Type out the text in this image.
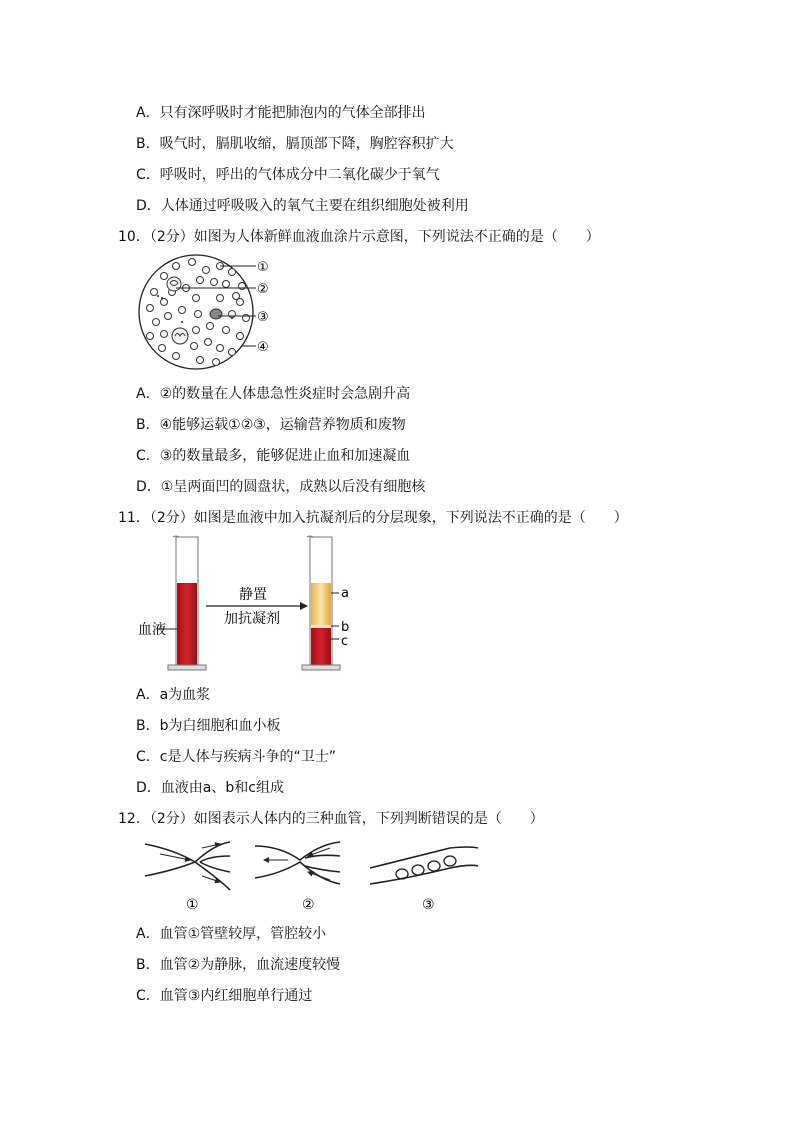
A．只有深呼吸时才能把肺泡内的气体全部排出
B．吸气时，膈肌收缩，膈顶部下降，胸腔容积扩大
C．呼吸时，呼出的气体成分中二氧化碳少于氧气
D．人体通过呼吸吸入的氧气主要在组织细胞处被利用
10．（2分）如图为人体新鲜血液血涂片示意图，下列说法不正确的是（　　）
①
②
③
④
A．②的数量在人体患急性炎症时会急剧升高
B．④能够运载①②③，运输营养物质和废物
C．③的数量最多，能够促进止血和加速凝血
D．①呈两面凹的圆盘状，成熟以后没有细胞核
11．（2分）如图是血液中加入抗凝剂后的分层现象，下列说法不正确的是（　　）
血液
静置
加抗凝剂
a
b
c
A．a为血浆
B．b为白细胞和血小板
C．c是人体与疾病斗争的“卫士”
D．血液由a、b和c组成
12．（2分）如图表示人体内的三种血管，下列判断错误的是（　　）
①	②	③
A．血管①管壁较厚，管腔较小
B．血管②为静脉，血流速度较慢
C．血管③内红细胞单行通过
